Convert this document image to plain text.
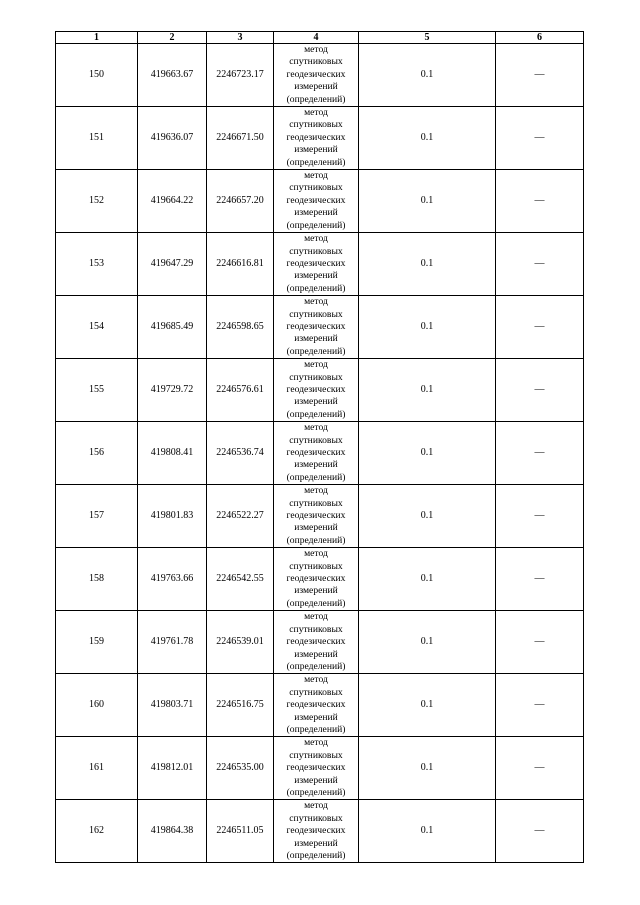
1	2	3	4	5	6
150	419663.67	2246723.17	метод
спутниковых
геодезических
измерений
(определений)	0.1	—
151	419636.07	2246671.50	метод
спутниковых
геодезических
измерений
(определений)	0.1	—
152	419664.22	2246657.20	метод
спутниковых
геодезических
измерений
(определений)	0.1	—
153	419647.29	2246616.81	метод
спутниковых
геодезических
измерений
(определений)	0.1	—
154	419685.49	2246598.65	метод
спутниковых
геодезических
измерений
(определений)	0.1	—
155	419729.72	2246576.61	метод
спутниковых
геодезических
измерений
(определений)	0.1	—
156	419808.41	2246536.74	метод
спутниковых
геодезических
измерений
(определений)	0.1	—
157	419801.83	2246522.27	метод
спутниковых
геодезических
измерений
(определений)	0.1	—
158	419763.66	2246542.55	метод
спутниковых
геодезических
измерений
(определений)	0.1	—
159	419761.78	2246539.01	метод
спутниковых
геодезических
измерений
(определений)	0.1	—
160	419803.71	2246516.75	метод
спутниковых
геодезических
измерений
(определений)	0.1	—
161	419812.01	2246535.00	метод
спутниковых
геодезических
измерений
(определений)	0.1	—
162	419864.38	2246511.05	метод
спутниковых
геодезических
измерений
(определений)	0.1	—
